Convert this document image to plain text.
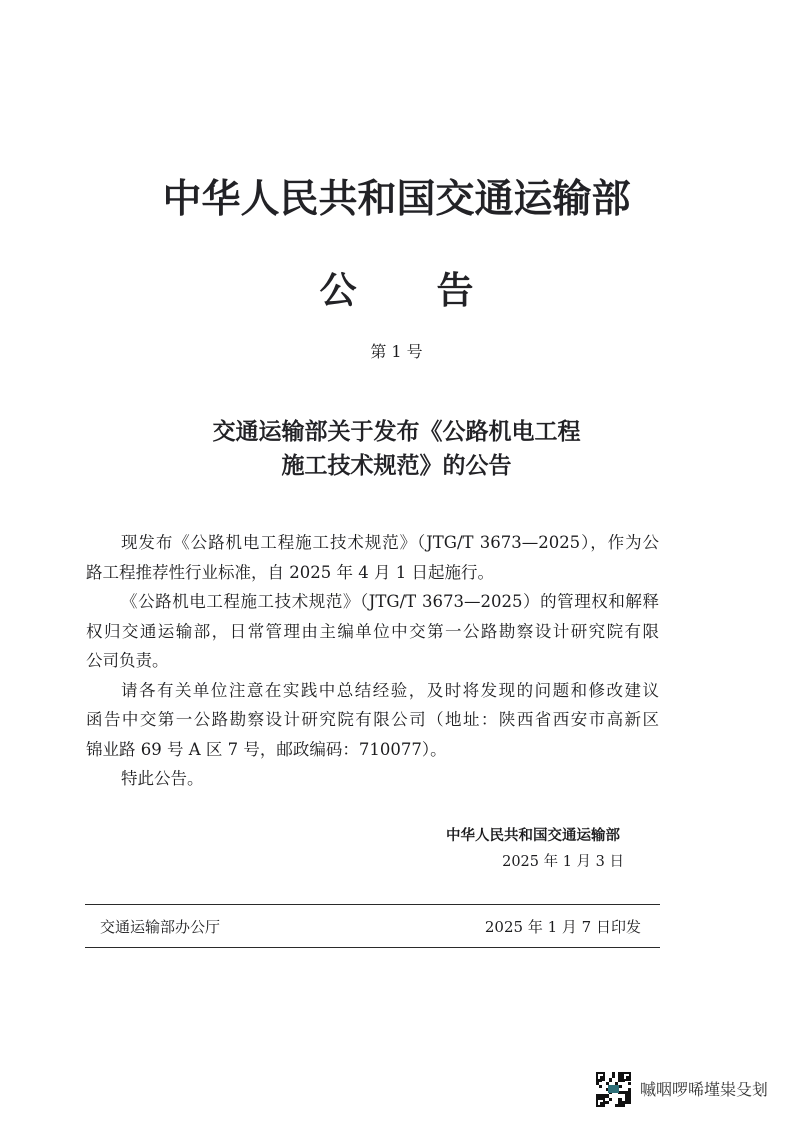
中华人民共和国交通运输部
公 告
第 1 号
交通运输部关于发布《公路机电工程
施工技术规范》的公告
现发布《公路机电工程施工技术规范》（JTG/T 3673—2025），作为公
路工程推荐性行业标准，自 2025 年 4 月 1 日起施行。
《公路机电工程施工技术规范》（JTG/T 3673—2025）的管理权和解释
权归交通运输部，日常管理由主编单位中交第一公路勘察设计研究院有限
公司负责。
请各有关单位注意在实践中总结经验，及时将发现的问题和修改建议
函告中交第一公路勘察设计研究院有限公司（地址：陕西省西安市高新区
锦业路 69 号 A 区 7 号，邮政编码：710077）。
特此公告。
中华人民共和国交通运输部
2025 年 1 月 3 日
交通运输部办公厅	2025 年 1 月 7 日印发
嘁咽啰唏墐粜殳刬
